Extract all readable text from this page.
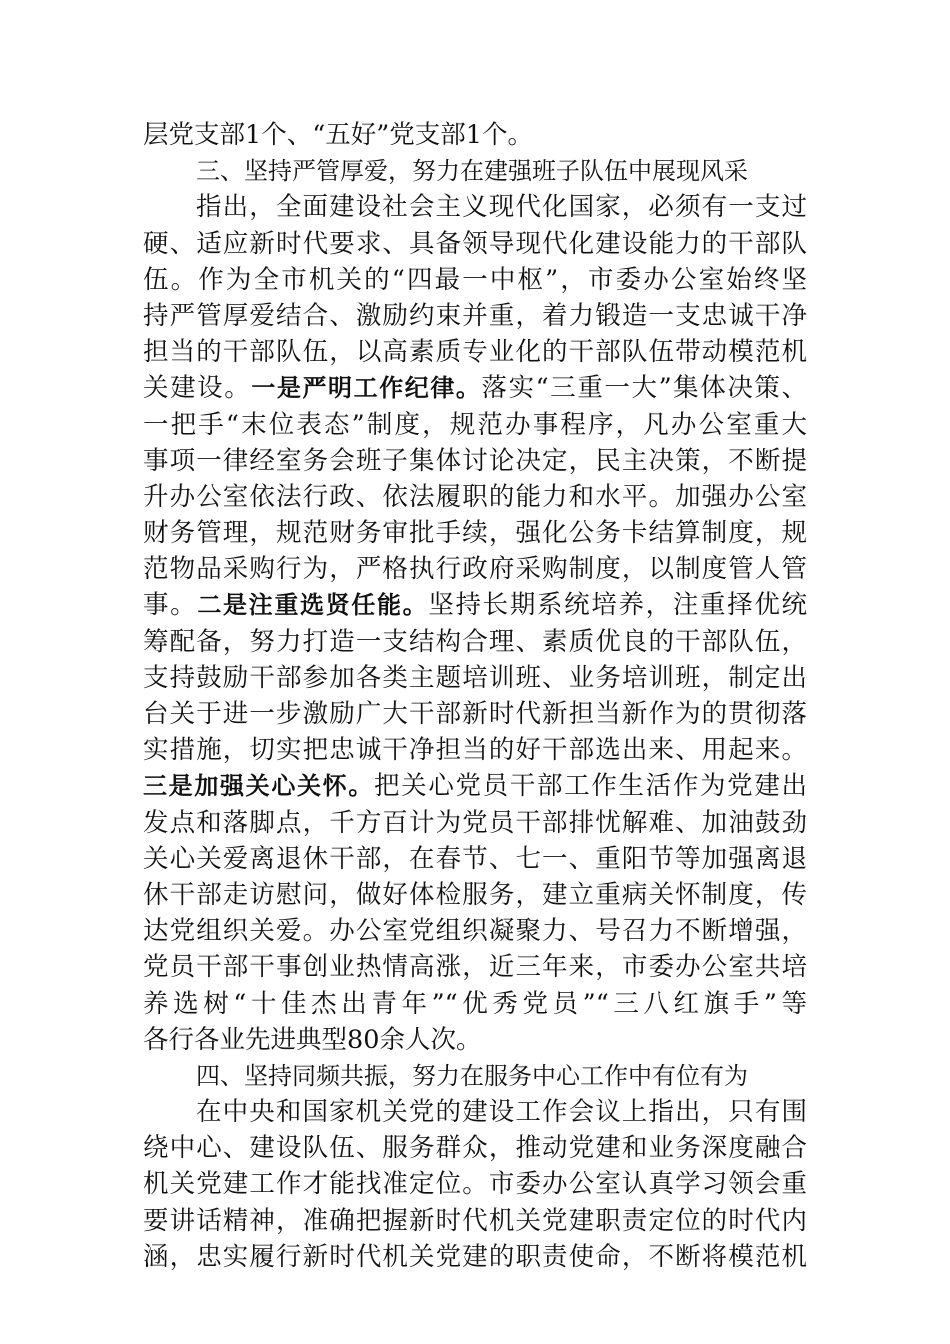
层党支部1个、“五好”党支部1个。
三、坚持严管厚爱，努力在建强班子队伍中展现风采
指出，全面建设社会主义现代化国家，必须有一支过
硬、适应新时代要求、具备领导现代化建设能力的干部队
伍。作为全市机关的“四最一中枢”，市委办公室始终坚
持严管厚爱结合、激励约束并重，着力锻造一支忠诚干净
担当的干部队伍，以高素质专业化的干部队伍带动模范机
关建设。一是严明工作纪律。落实“三重一大”集体决策、
一把手“末位表态”制度，规范办事程序，凡办公室重大
事项一律经室务会班子集体讨论决定，民主决策，不断提
升办公室依法行政、依法履职的能力和水平。加强办公室
财务管理，规范财务审批手续，强化公务卡结算制度，规
范物品采购行为，严格执行政府采购制度，以制度管人管
事。二是注重选贤任能。坚持长期系统培养，注重择优统
筹配备，努力打造一支结构合理、素质优良的干部队伍，
支持鼓励干部参加各类主题培训班、业务培训班，制定出
台关于进一步激励广大干部新时代新担当新作为的贯彻落
实措施，切实把忠诚干净担当的好干部选出来、用起来。
三是加强关心关怀。把关心党员干部工作生活作为党建出
发点和落脚点，千方百计为党员干部排忧解难、加油鼓劲
关心关爱离退休干部，在春节、七一、重阳节等加强离退
休干部走访慰问，做好体检服务，建立重病关怀制度，传
达党组织关爱。办公室党组织凝聚力、号召力不断增强，
党员干部干事创业热情高涨，近三年来，市委办公室共培
养选树“十佳杰出青年”“优秀党员”“三八红旗手”等
各行各业先进典型80余人次。
四、坚持同频共振，努力在服务中心工作中有位有为
在中央和国家机关党的建设工作会议上指出，只有围
绕中心、建设队伍、服务群众，推动党建和业务深度融合
机关党建工作才能找准定位。市委办公室认真学习领会重
要讲话精神，准确把握新时代机关党建职责定位的时代内
涵，忠实履行新时代机关党建的职责使命，不断将模范机
